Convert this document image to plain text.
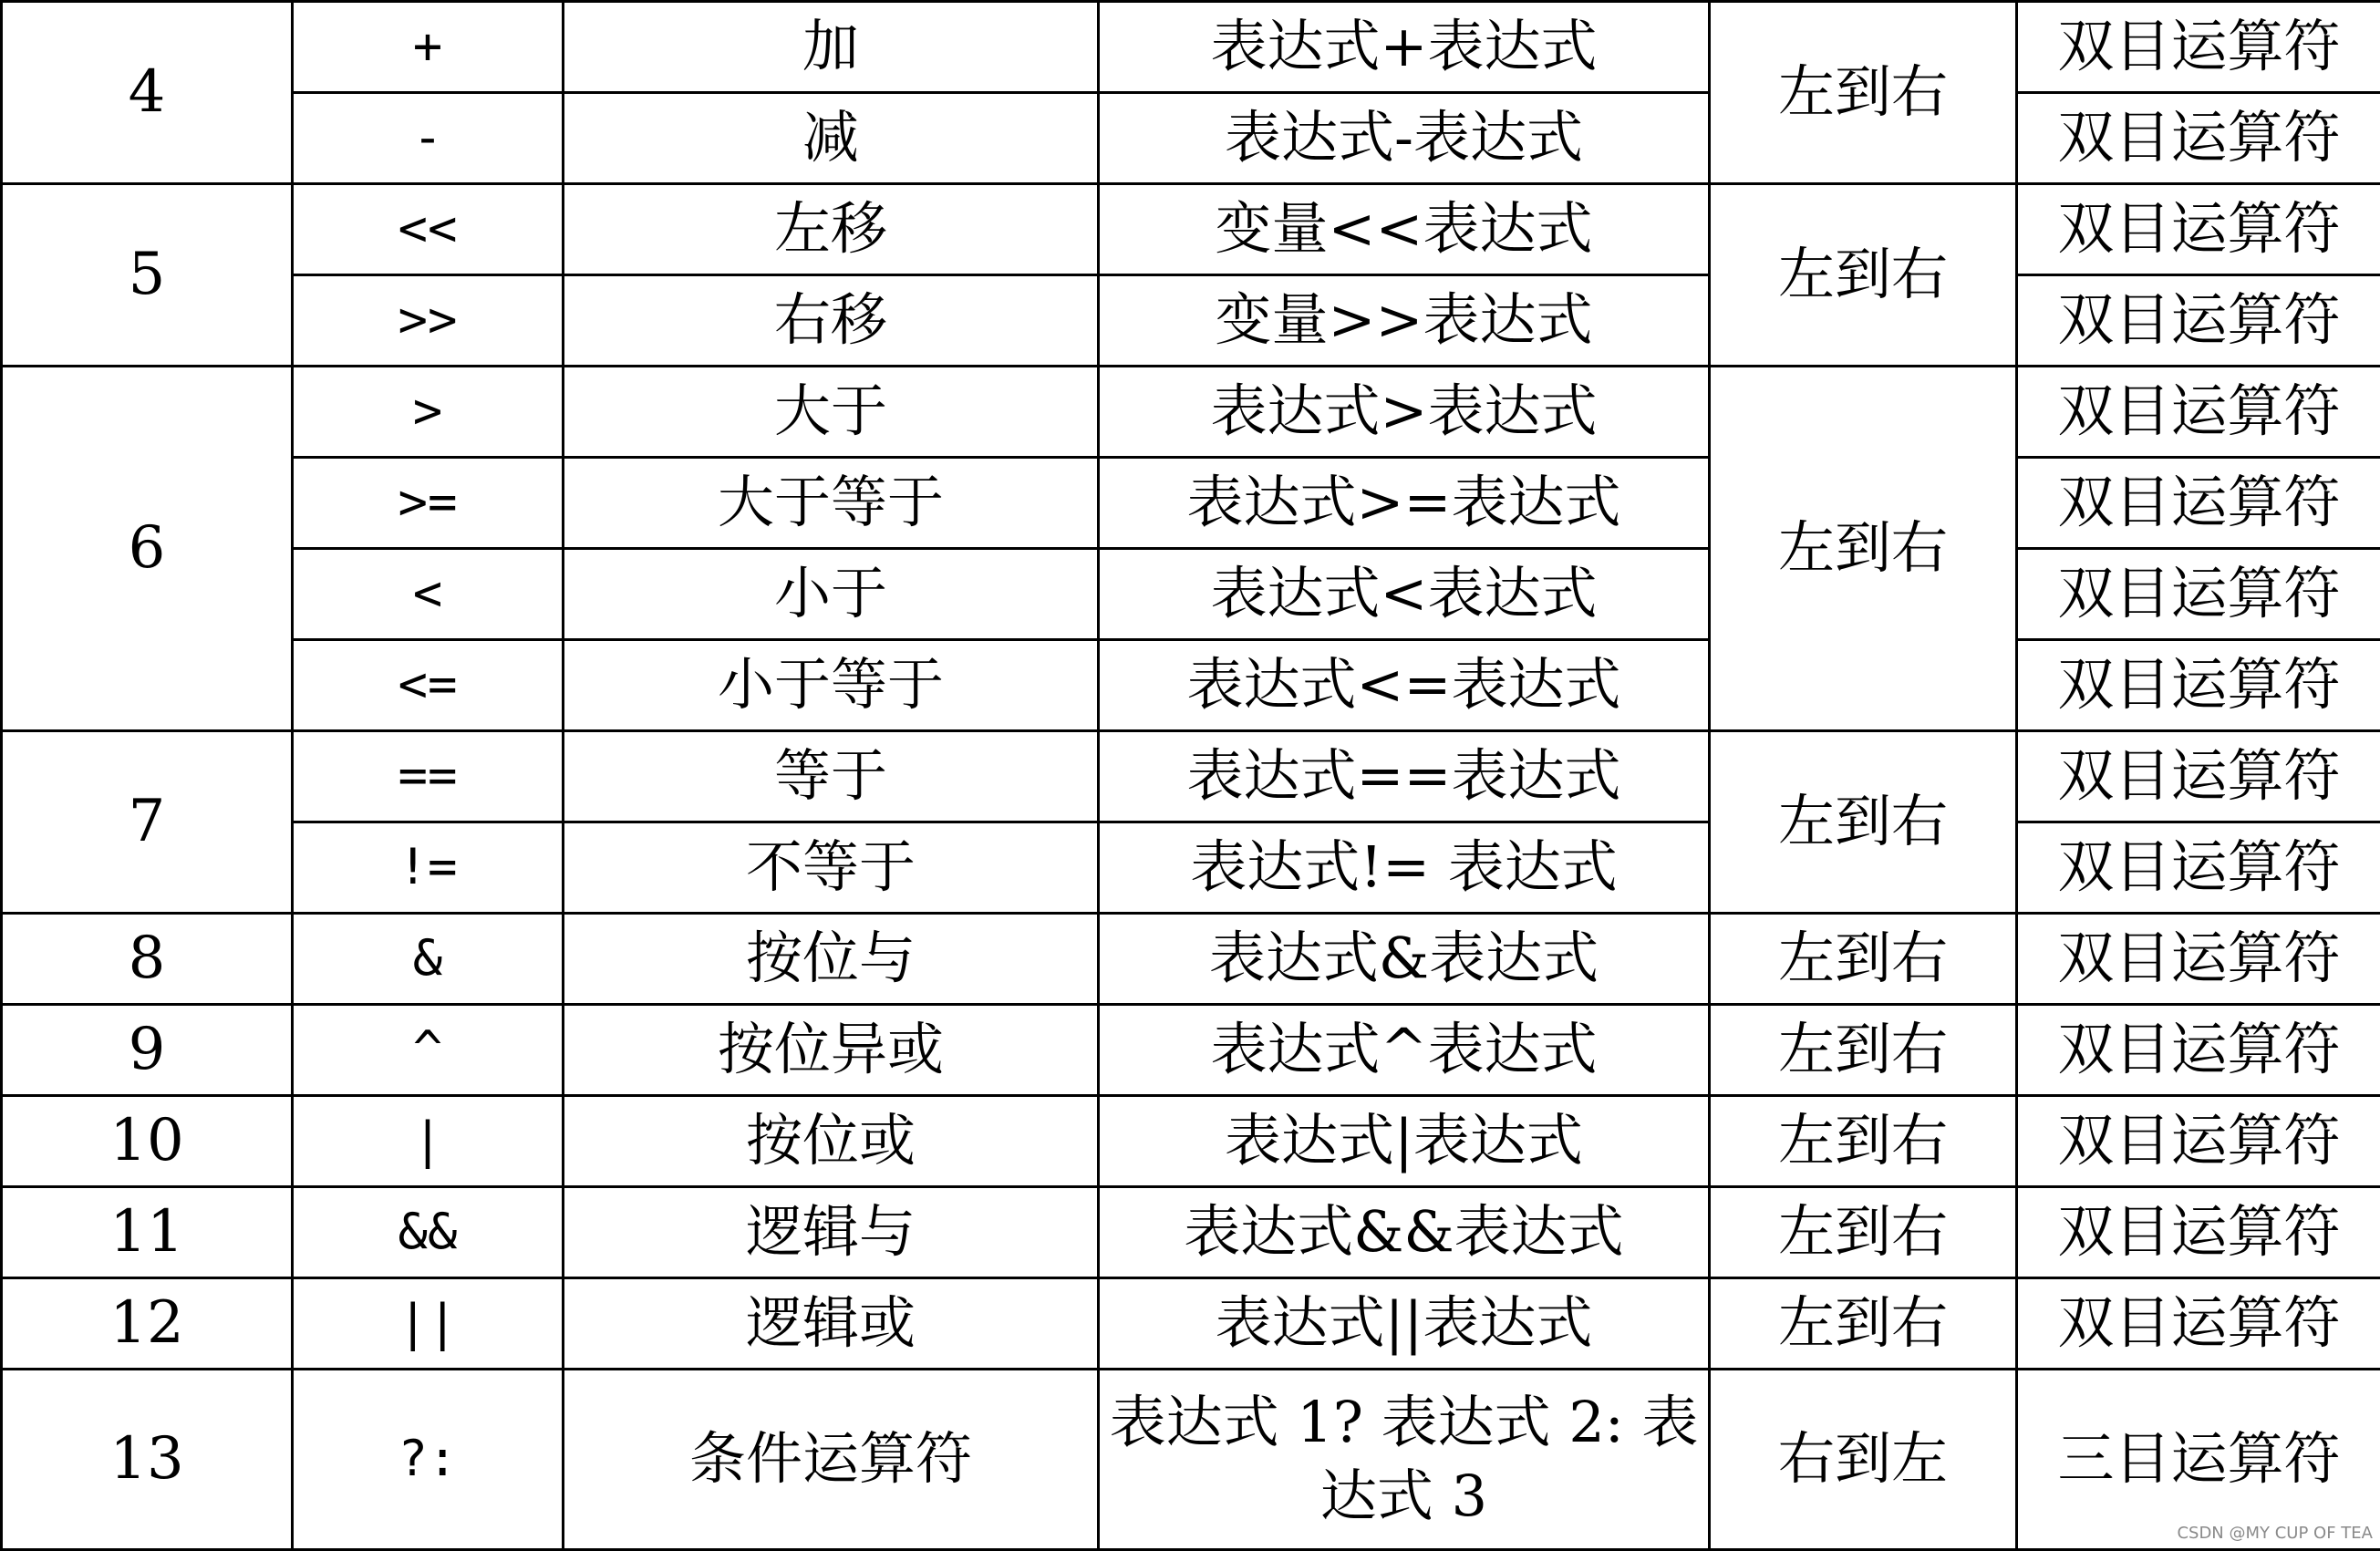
4	+	加	表达式+表达式	左到右	双目运算符
	-	减	表达式-表达式		双目运算符
5	<<	左移	变量<<表达式	左到右	双目运算符
	>>	右移	变量>>表达式		双目运算符
6	>	大于	表达式>表达式	左到右	双目运算符
	>=	大于等于	表达式>=表达式		双目运算符
	<	小于	表达式<表达式		双目运算符
	<=	小于等于	表达式<=表达式		双目运算符
7	==	等于	表达式==表达式	左到右	双目运算符
	!=	不等于	表达式!= 表达式		双目运算符
8	&	按位与	表达式&表达式	左到右	双目运算符
9	^	按位异或	表达式^表达式	左到右	双目运算符
10	|	按位或	表达式|表达式	左到右	双目运算符
11	&&	逻辑与	表达式&&表达式	左到右	双目运算符
12	||	逻辑或	表达式||表达式	左到右	双目运算符
13	?:	条件运算符	表达式 1? 表达式 2: 表达式 3	右到左	三目运算符
CSDN @MY CUP OF TEA
